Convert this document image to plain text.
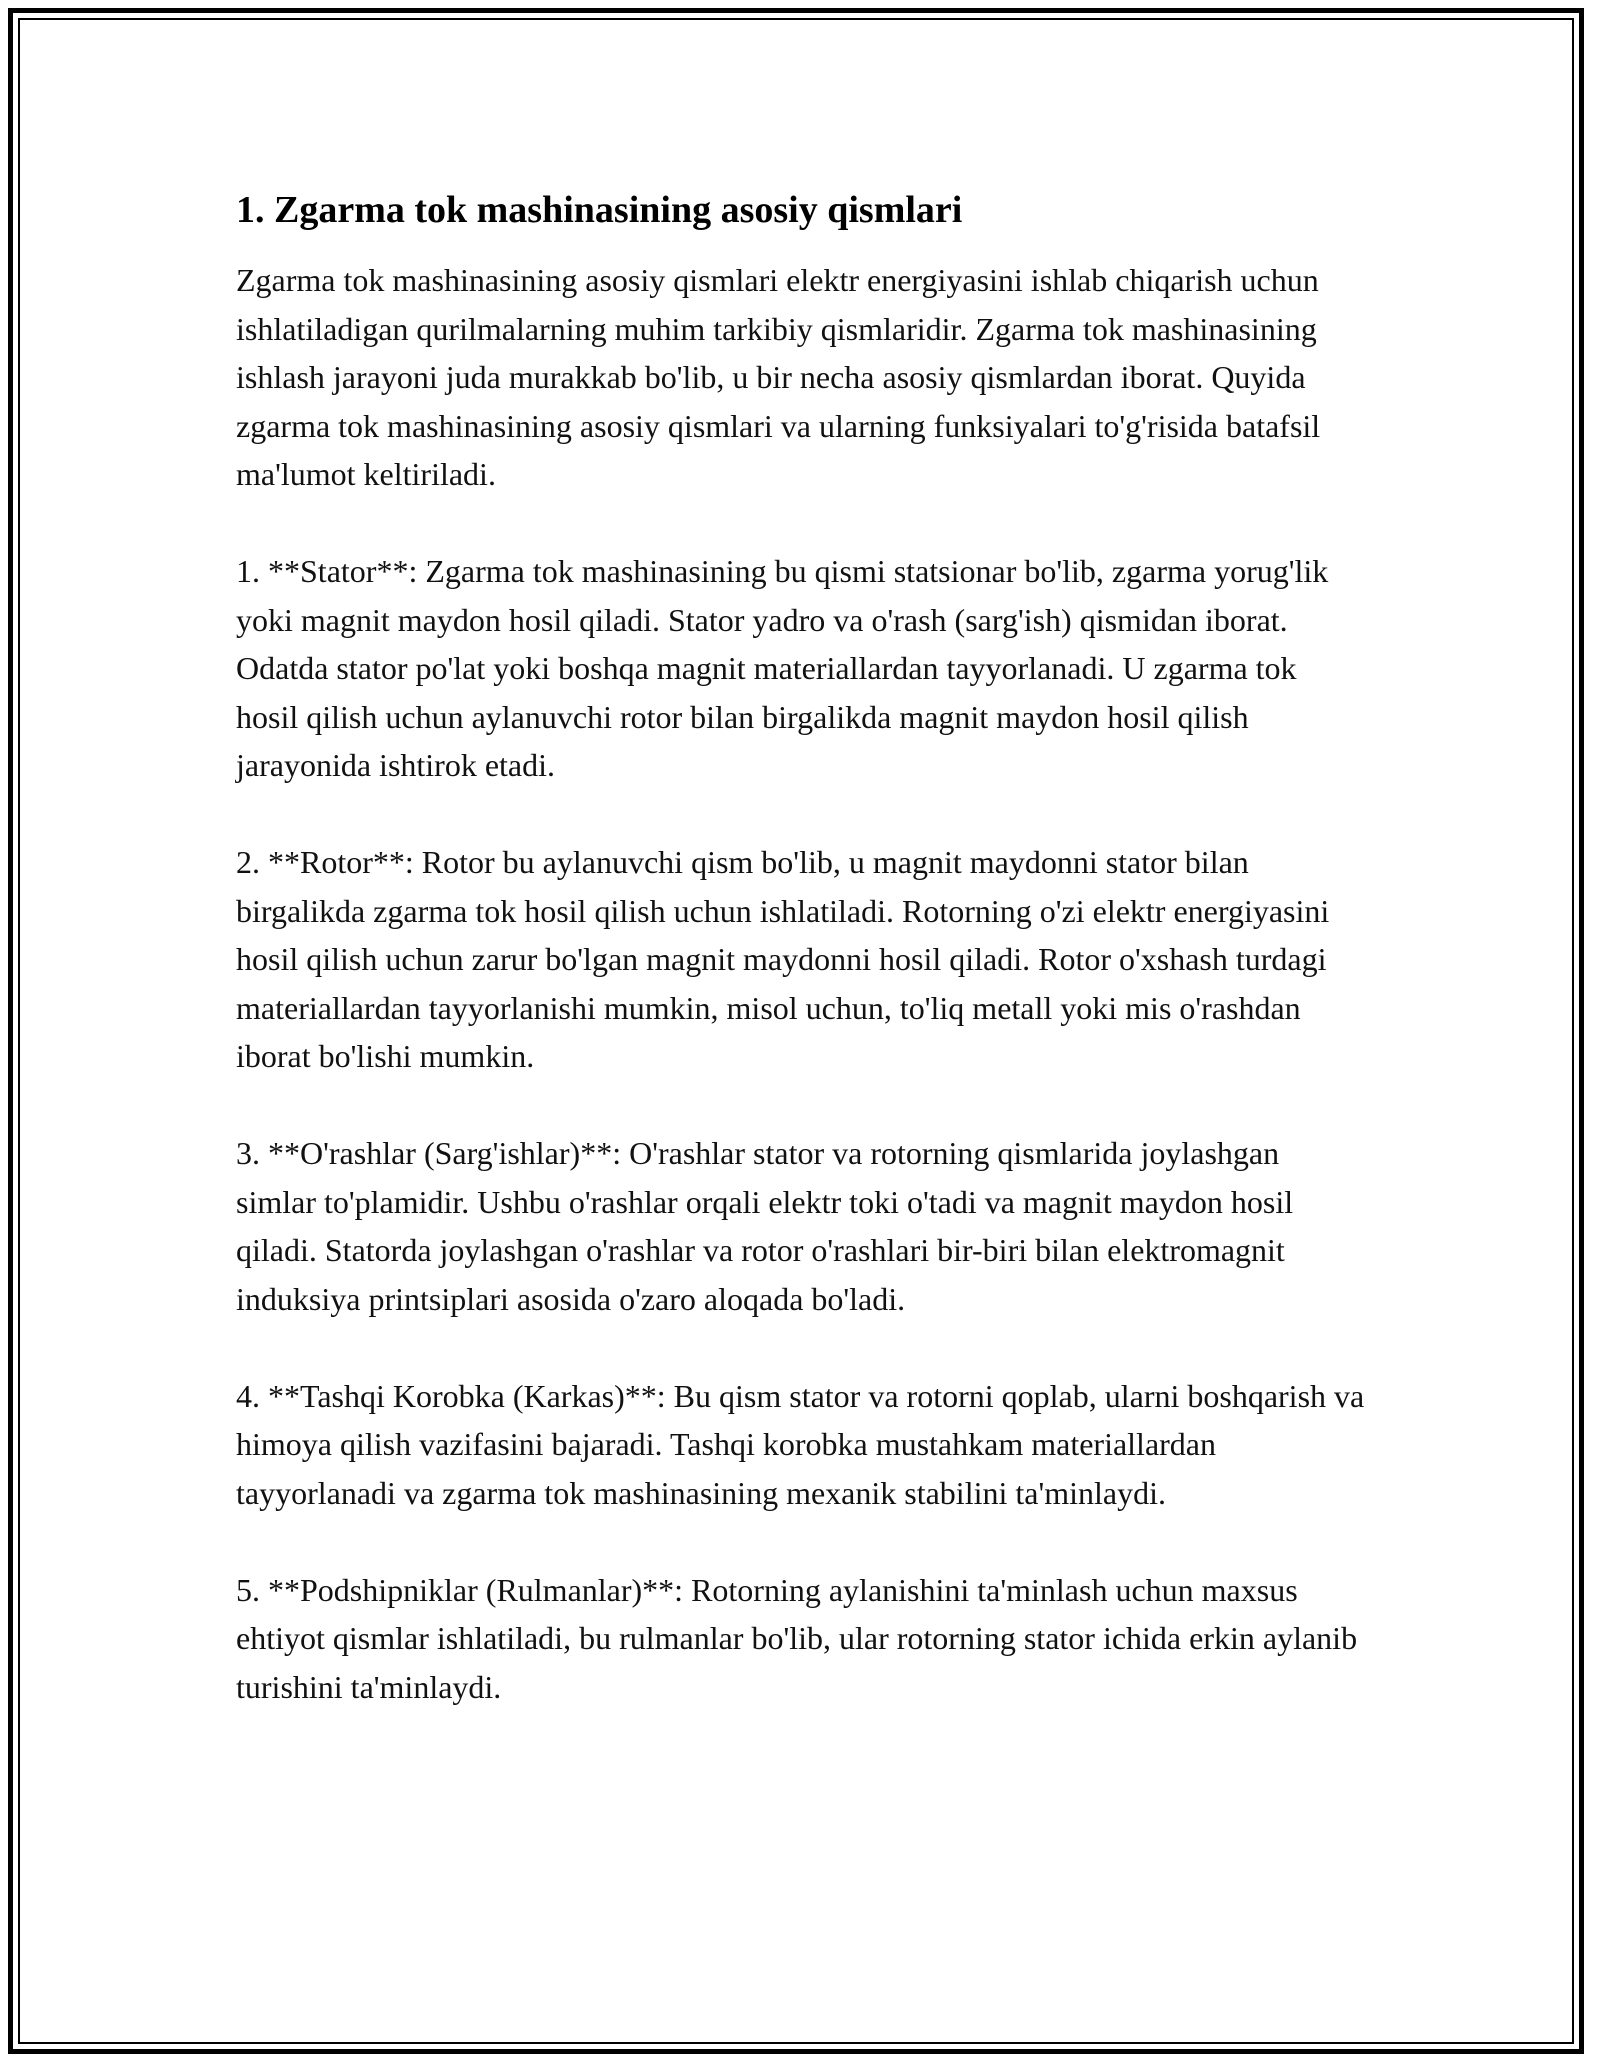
1. Zgarma tok mashinasining asosiy qismlari

Zgarma tok mashinasining asosiy qismlari elektr energiyasini ishlab chiqarish uchun ishlatiladigan qurilmalarning muhim tarkibiy qismlaridir. Zgarma tok mashinasining ishlash jarayoni juda murakkab bo'lib, u bir necha asosiy qismlardan iborat. Quyida zgarma tok mashinasining asosiy qismlari va ularning funksiyalari to'g'risida batafsil ma'lumot keltiriladi.

1. **Stator**: Zgarma tok mashinasining bu qismi statsionar bo'lib, zgarma yorug'lik yoki magnit maydon hosil qiladi. Stator yadro va o'rash (sarg'ish) qismidan iborat. Odatda stator po'lat yoki boshqa magnit materiallardan tayyorlanadi. U zgarma tok hosil qilish uchun aylanuvchi rotor bilan birgalikda magnit maydon hosil qilish jarayonida ishtirok etadi.

2. **Rotor**: Rotor bu aylanuvchi qism bo'lib, u magnit maydonni stator bilan birgalikda zgarma tok hosil qilish uchun ishlatiladi. Rotorning o'zi elektr energiyasini hosil qilish uchun zarur bo'lgan magnit maydonni hosil qiladi. Rotor o'xshash turdagi materiallardan tayyorlanishi mumkin, misol uchun, to'liq metall yoki mis o'rashdan iborat bo'lishi mumkin.

3. **O'rashlar (Sarg'ishlar)**: O'rashlar stator va rotorning qismlarida joylashgan simlar to'plamidir. Ushbu o'rashlar orqali elektr toki o'tadi va magnit maydon hosil qiladi. Statorda joylashgan o'rashlar va rotor o'rashlari bir-biri bilan elektromagnit induksiya printsiplari asosida o'zaro aloqada bo'ladi.

4. **Tashqi Korobka (Karkas)**: Bu qism stator va rotorni qoplab, ularni boshqarish va himoya qilish vazifasini bajaradi. Tashqi korobka mustahkam materiallardan tayyorlanadi va zgarma tok mashinasining mexanik stabilini ta'minlaydi.

5. **Podshipniklar (Rulmanlar)**: Rotorning aylanishini ta'minlash uchun maxsus ehtiyot qismlar ishlatiladi, bu rulmanlar bo'lib, ular rotorning stator ichida erkin aylanib turishini ta'minlaydi.
